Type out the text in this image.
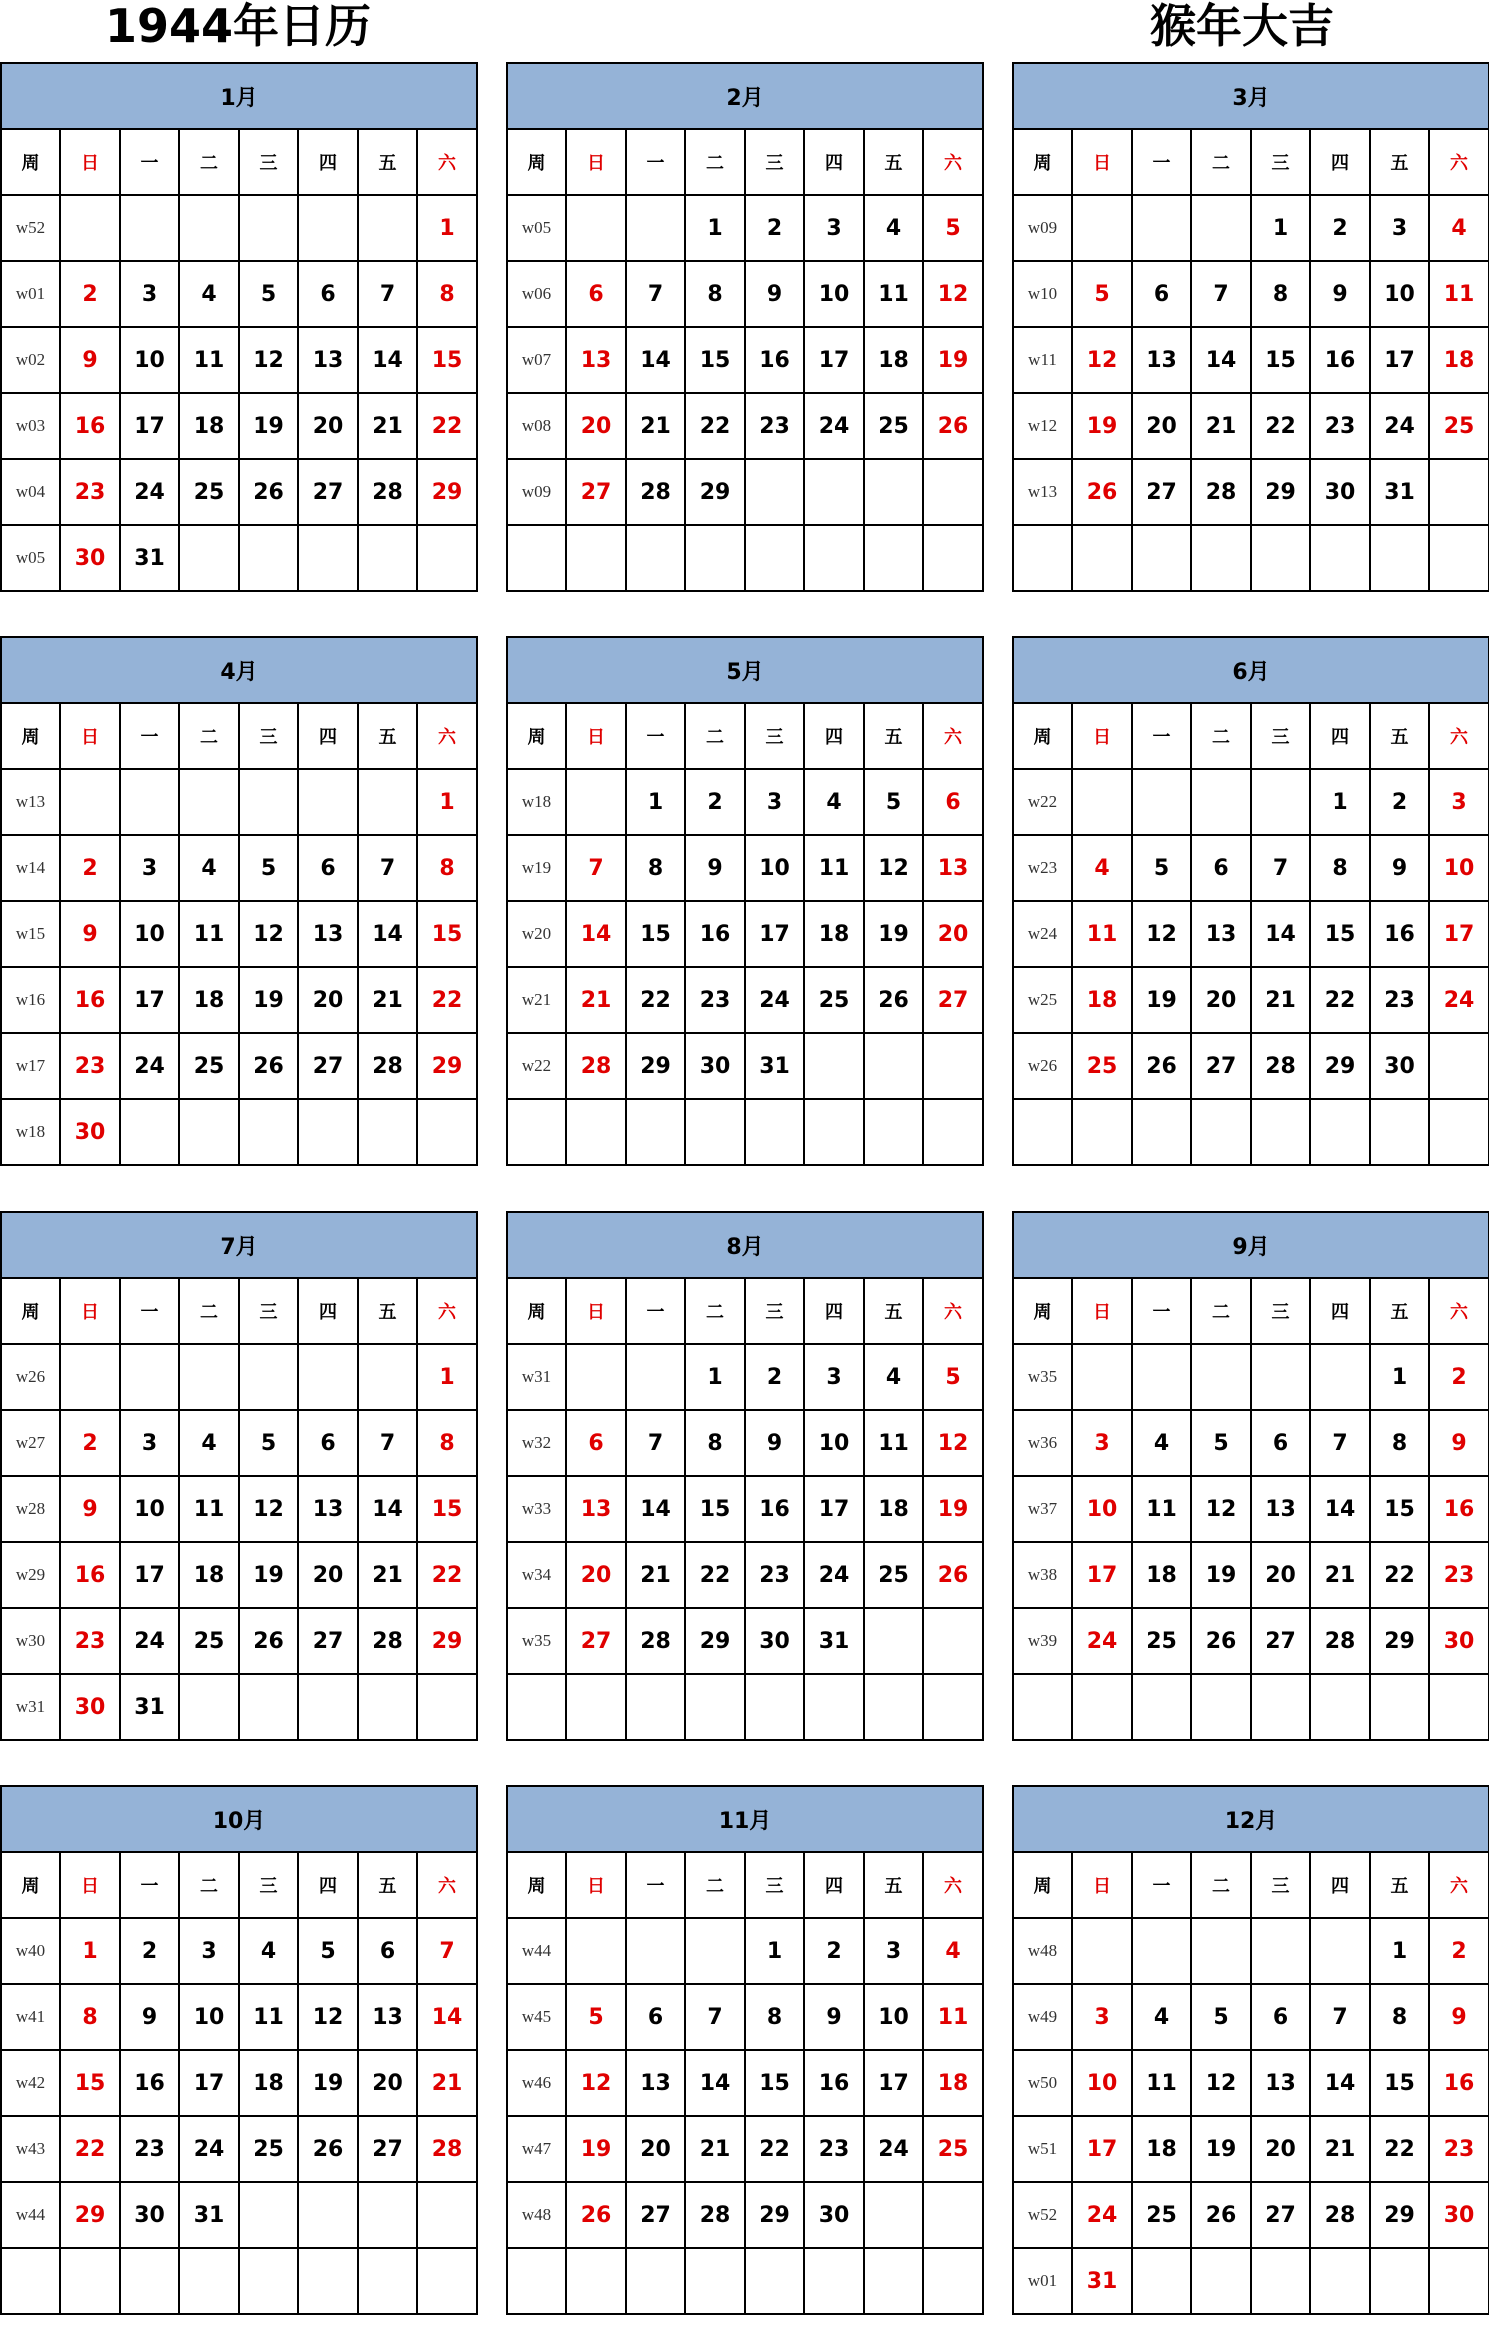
1944年日历	猴年大吉
1月							
周	日	一	二	三	四	五	六
w52							1
w01	2	3	4	5	6	7	8
w02	9	10	11	12	13	14	15
w03	16	17	18	19	20	21	22
w04	23	24	25	26	27	28	29
w05	30	31					
2月							
周	日	一	二	三	四	五	六
w05			1	2	3	4	5
w06	6	7	8	9	10	11	12
w07	13	14	15	16	17	18	19
w08	20	21	22	23	24	25	26
w09	27	28	29				

3月							
周	日	一	二	三	四	五	六
w09				1	2	3	4
w10	5	6	7	8	9	10	11
w11	12	13	14	15	16	17	18
w12	19	20	21	22	23	24	25
w13	26	27	28	29	30	31	

4月							
周	日	一	二	三	四	五	六
w13							1
w14	2	3	4	5	6	7	8
w15	9	10	11	12	13	14	15
w16	16	17	18	19	20	21	22
w17	23	24	25	26	27	28	29
w18	30						
5月							
周	日	一	二	三	四	五	六
w18		1	2	3	4	5	6
w19	7	8	9	10	11	12	13
w20	14	15	16	17	18	19	20
w21	21	22	23	24	25	26	27
w22	28	29	30	31			

6月							
周	日	一	二	三	四	五	六
w22					1	2	3
w23	4	5	6	7	8	9	10
w24	11	12	13	14	15	16	17
w25	18	19	20	21	22	23	24
w26	25	26	27	28	29	30	

7月							
周	日	一	二	三	四	五	六
w26							1
w27	2	3	4	5	6	7	8
w28	9	10	11	12	13	14	15
w29	16	17	18	19	20	21	22
w30	23	24	25	26	27	28	29
w31	30	31					
8月							
周	日	一	二	三	四	五	六
w31			1	2	3	4	5
w32	6	7	8	9	10	11	12
w33	13	14	15	16	17	18	19
w34	20	21	22	23	24	25	26
w35	27	28	29	30	31		

9月							
周	日	一	二	三	四	五	六
w35						1	2
w36	3	4	5	6	7	8	9
w37	10	11	12	13	14	15	16
w38	17	18	19	20	21	22	23
w39	24	25	26	27	28	29	30

10月							
周	日	一	二	三	四	五	六
w40	1	2	3	4	5	6	7
w41	8	9	10	11	12	13	14
w42	15	16	17	18	19	20	21
w43	22	23	24	25	26	27	28
w44	29	30	31				

11月							
周	日	一	二	三	四	五	六
w44				1	2	3	4
w45	5	6	7	8	9	10	11
w46	12	13	14	15	16	17	18
w47	19	20	21	22	23	24	25
w48	26	27	28	29	30		

12月							
周	日	一	二	三	四	五	六
w48						1	2
w49	3	4	5	6	7	8	9
w50	10	11	12	13	14	15	16
w51	17	18	19	20	21	22	23
w52	24	25	26	27	28	29	30
w01	31						
